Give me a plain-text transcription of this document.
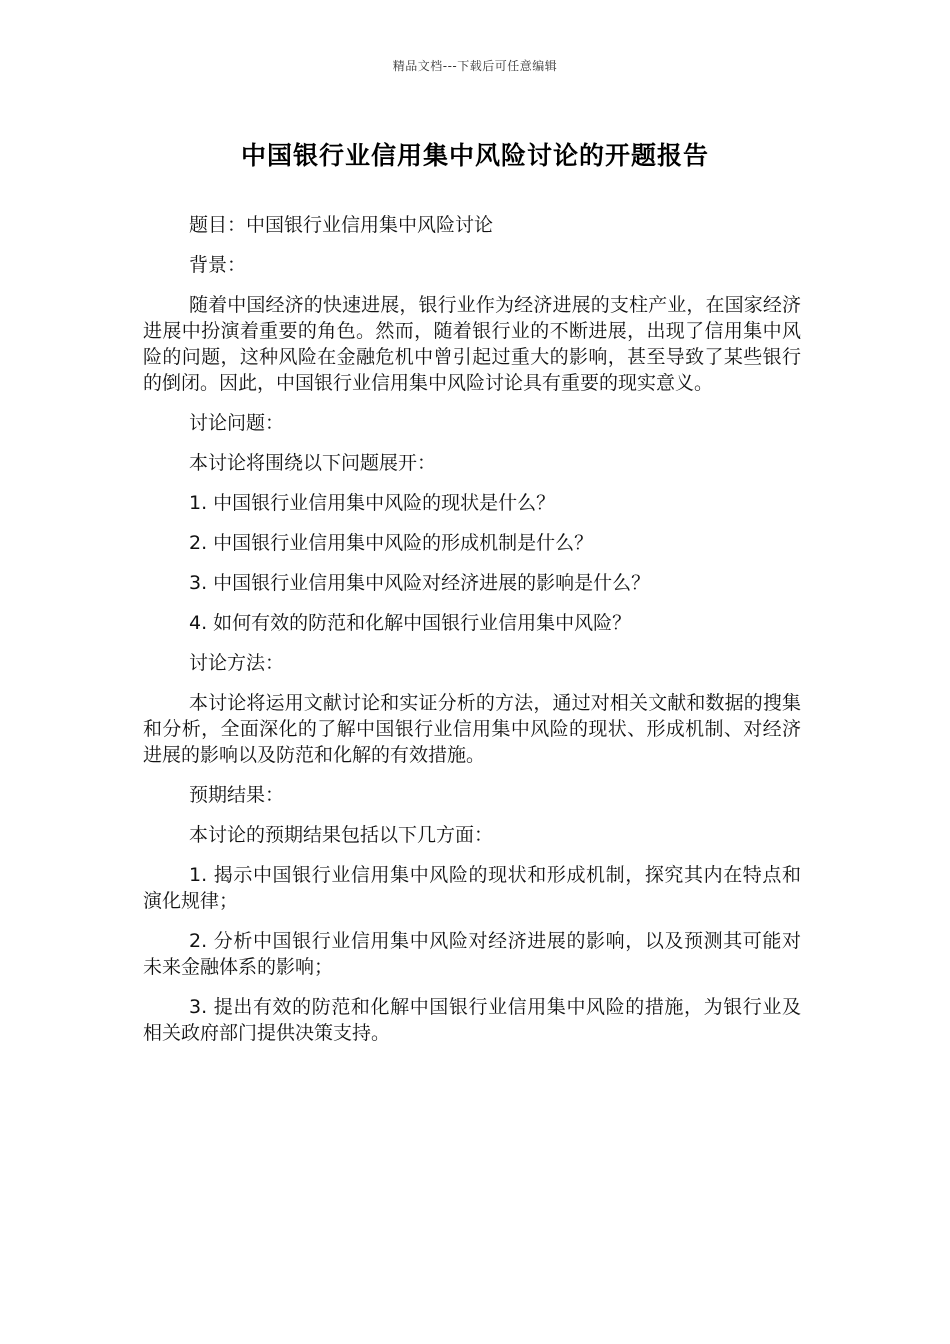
精品文档---下载后可任意编辑
中国银行业信用集中风险讨论的开题报告

题目：中国银行业信用集中风险讨论

背景：

随着中国经济的快速进展，银行业作为经济进展的支柱产业，在国家经济进展中扮演着重要的角色。然而，随着银行业的不断进展，出现了信用集中风险的问题，这种风险在金融危机中曾引起过重大的影响，甚至导致了某些银行的倒闭。因此，中国银行业信用集中风险讨论具有重要的现实意义。

讨论问题：

本讨论将围绕以下问题展开：

1. 中国银行业信用集中风险的现状是什么？

2. 中国银行业信用集中风险的形成机制是什么？

3. 中国银行业信用集中风险对经济进展的影响是什么？

4. 如何有效的防范和化解中国银行业信用集中风险？

讨论方法：

本讨论将运用文献讨论和实证分析的方法，通过对相关文献和数据的搜集和分析，全面深化的了解中国银行业信用集中风险的现状、形成机制、对经济进展的影响以及防范和化解的有效措施。

预期结果：

本讨论的预期结果包括以下几方面：

1. 揭示中国银行业信用集中风险的现状和形成机制，探究其内在特点和演化规律；

2. 分析中国银行业信用集中风险对经济进展的影响，以及预测其可能对未来金融体系的影响；

3. 提出有效的防范和化解中国银行业信用集中风险的措施，为银行业及相关政府部门提供决策支持。
